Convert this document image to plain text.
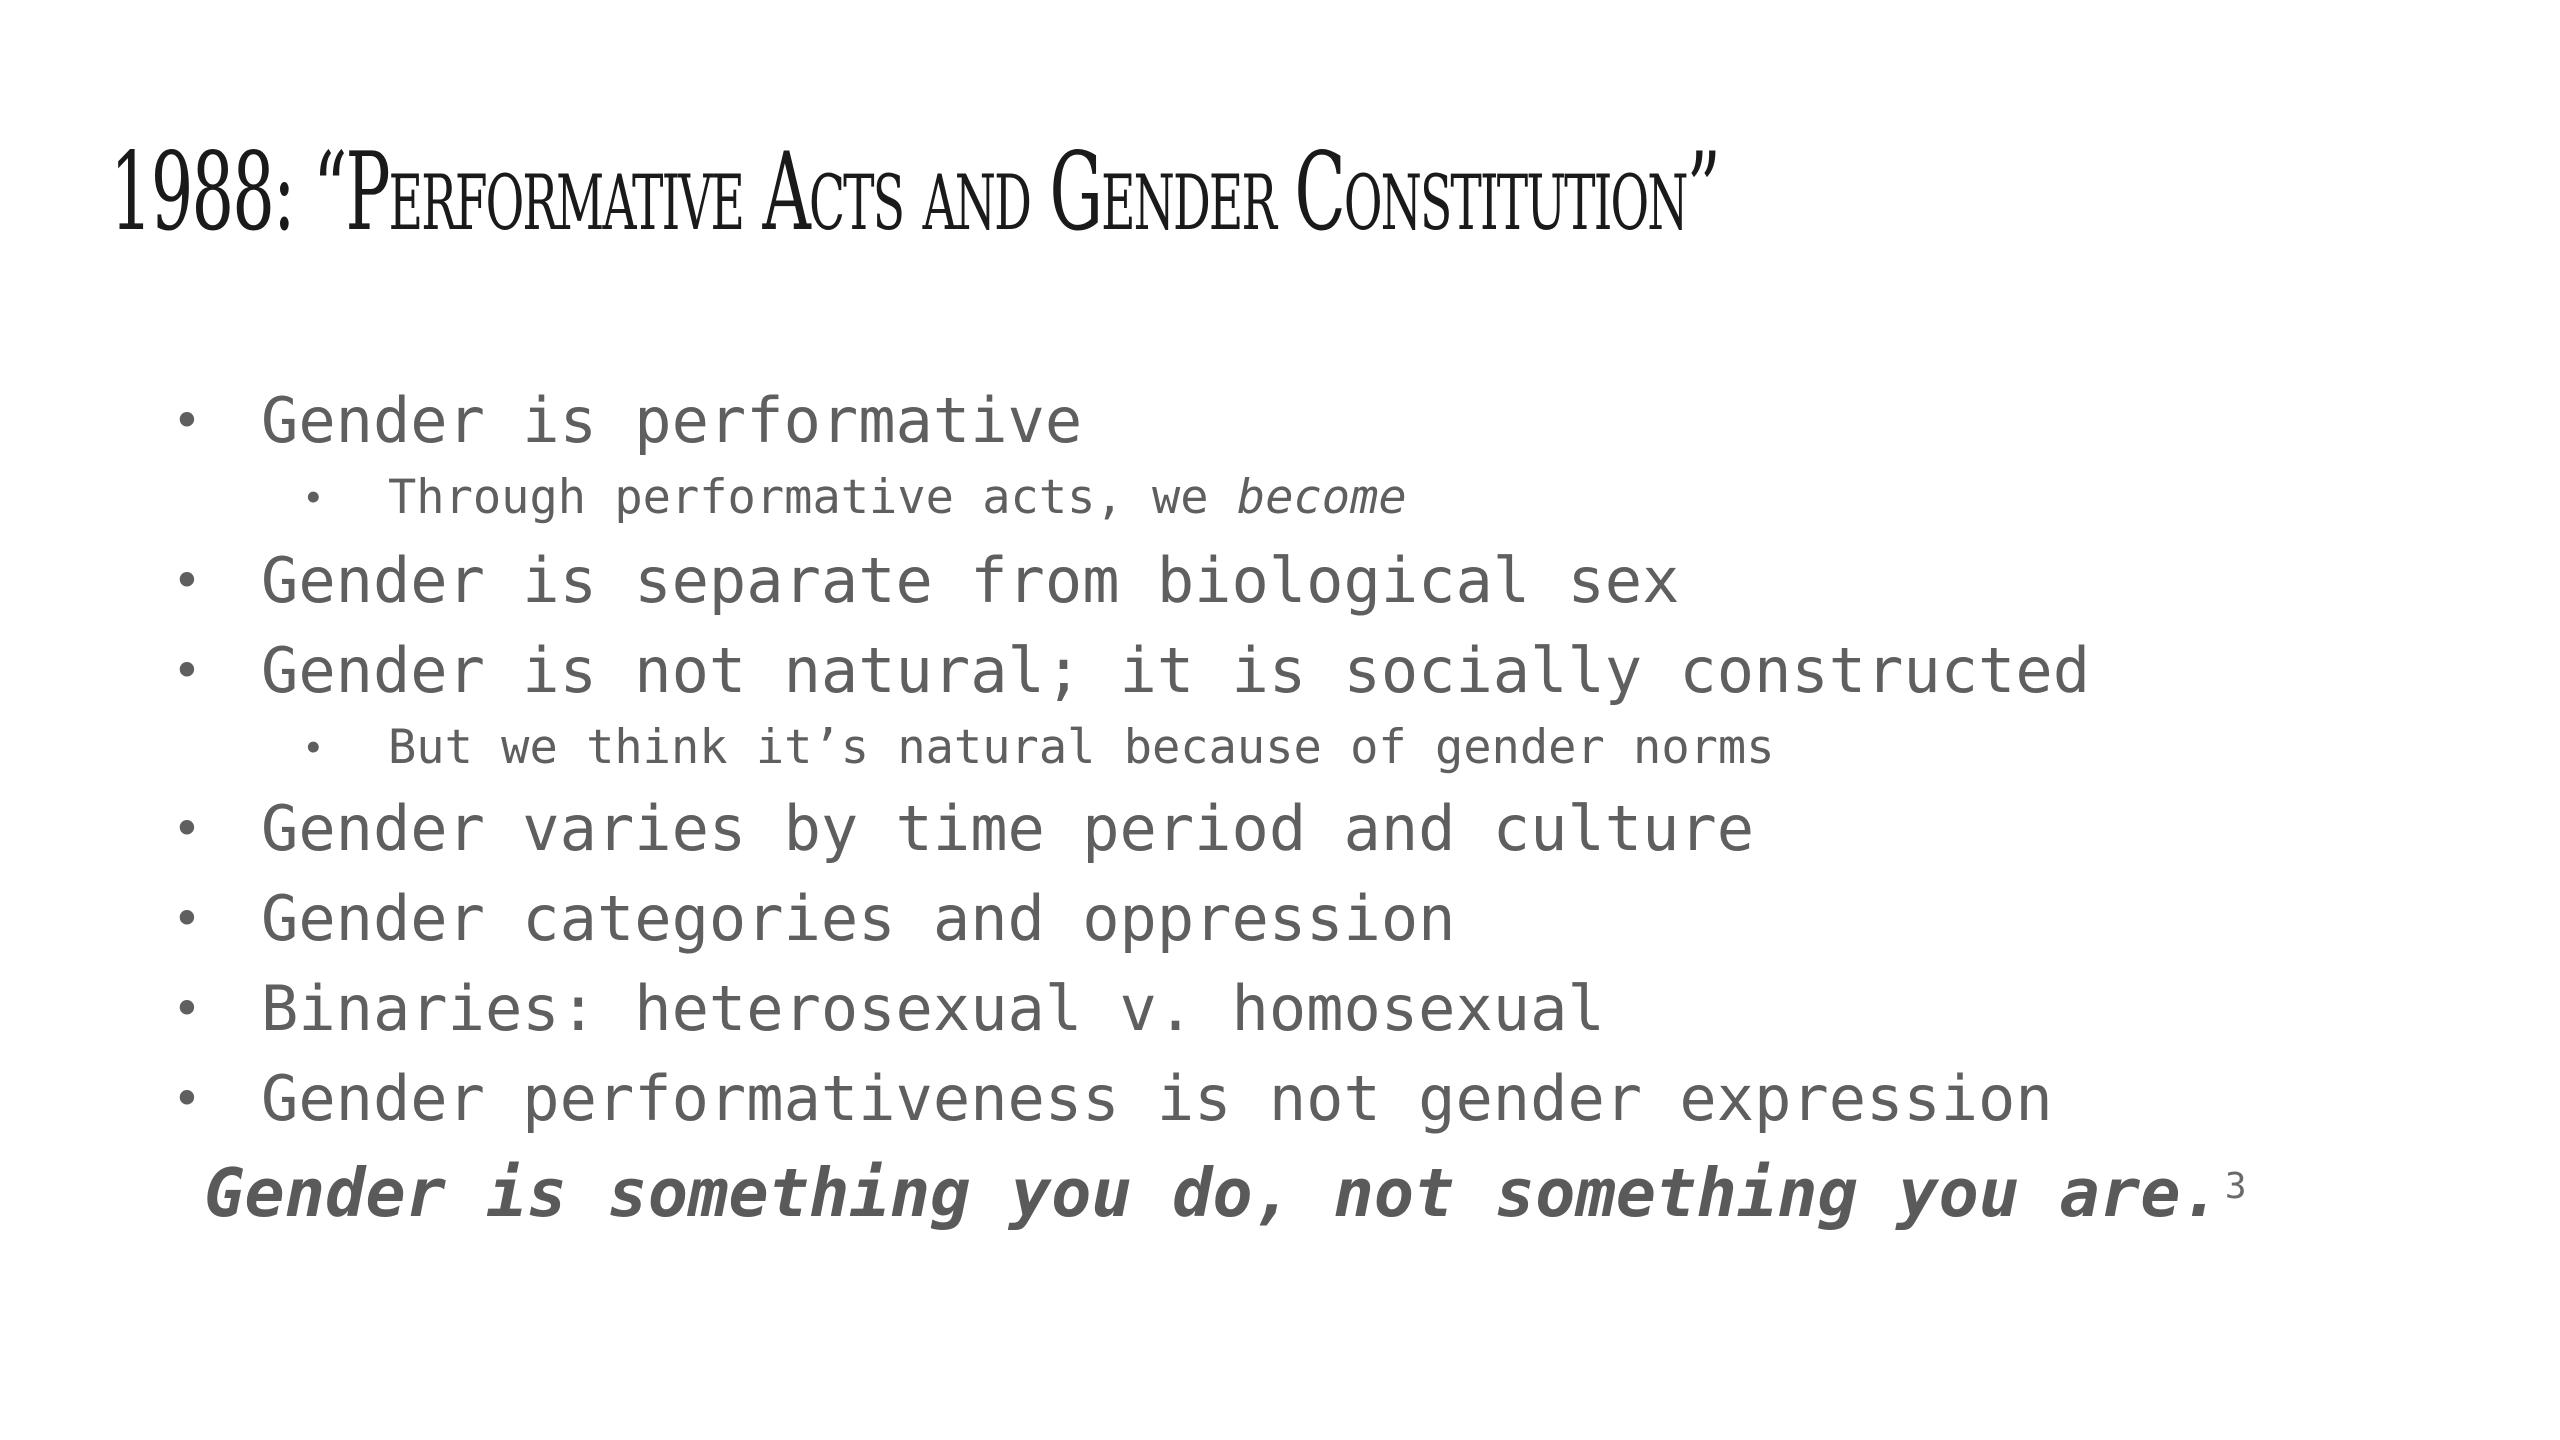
1988: “Performative Acts and Gender Constitution”
• Gender is performative
• Through performative acts, we become
• Gender is separate from biological sex
• Gender is not natural; it is socially constructed
• But we think it’s natural because of gender norms
• Gender varies by time period and culture
• Gender categories and oppression
• Binaries: heterosexual v. homosexual
• Gender performativeness is not gender expression
Gender is something you do, not something you are. $^3$
